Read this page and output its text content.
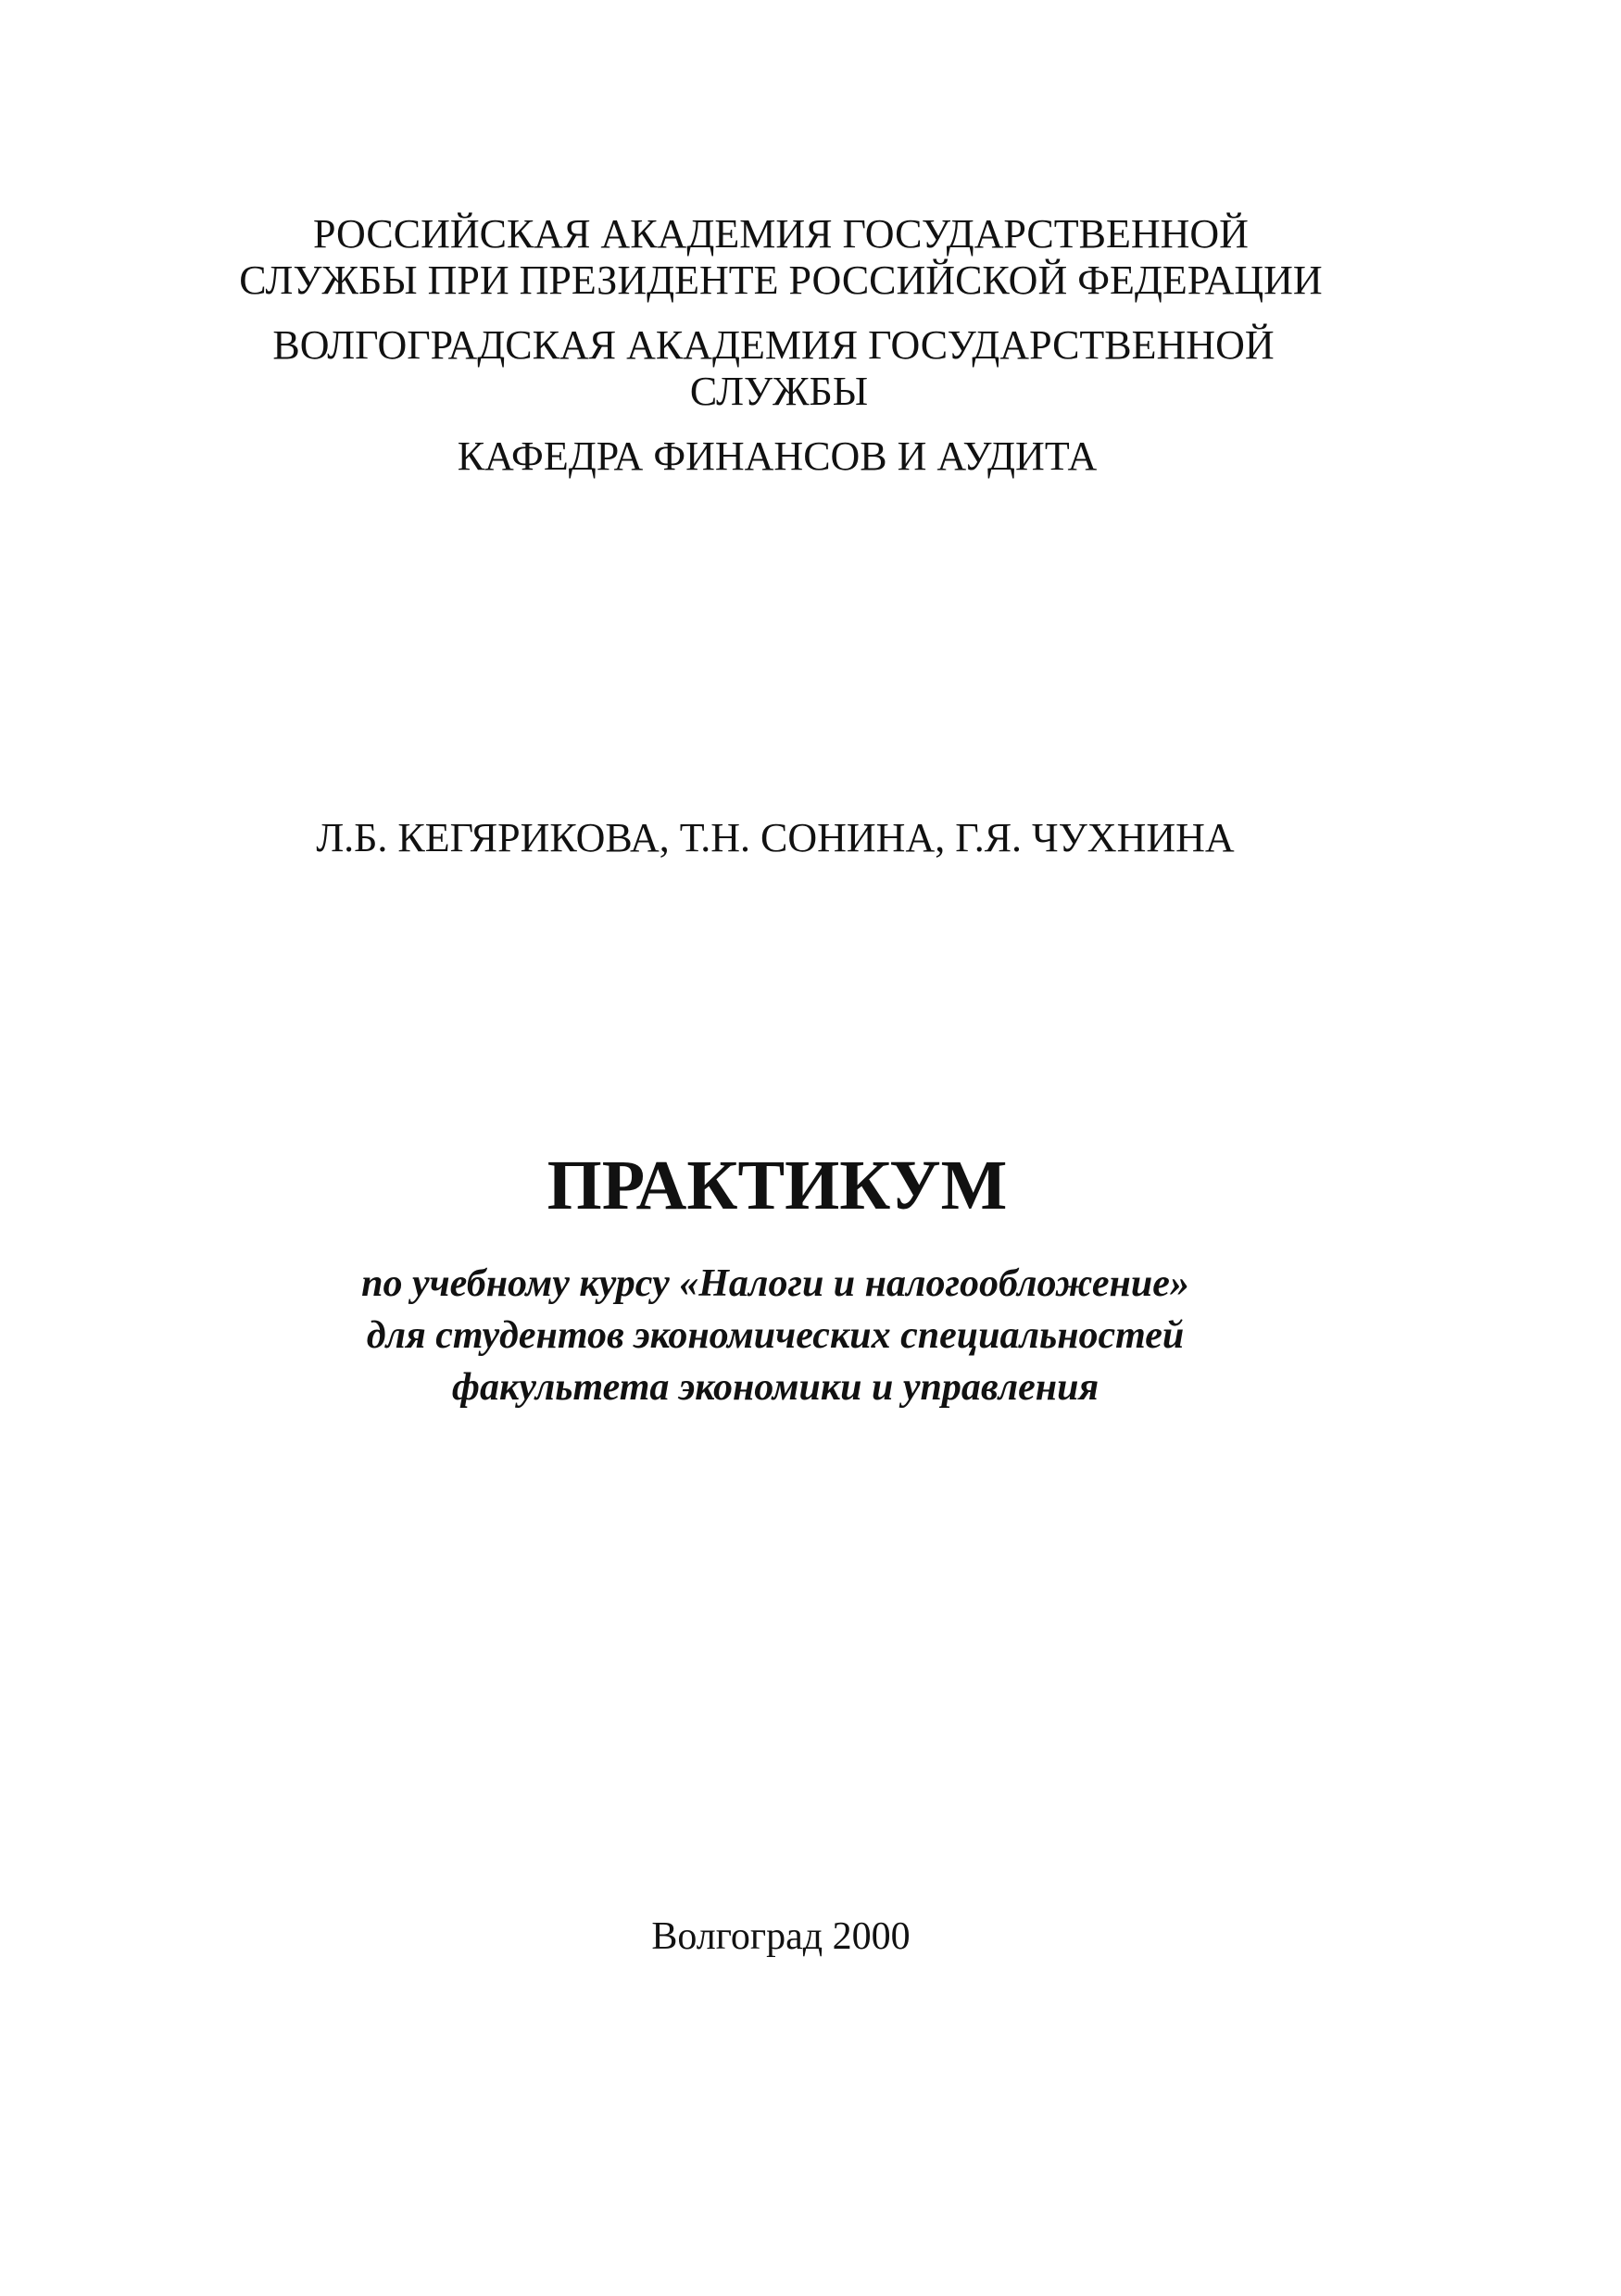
РОССИЙСКАЯ АКАДЕМИЯ ГОСУДАРСТВЕННОЙ
СЛУЖБЫ ПРИ ПРЕЗИДЕНТЕ РОССИЙСКОЙ ФЕДЕРАЦИИ
ВОЛГОГРАДСКАЯ АКАДЕМИЯ ГОСУДАРСТВЕННОЙ
СЛУЖБЫ
КАФЕДРА ФИНАНСОВ И АУДИТА
Л.Б. КЕГЯРИКОВА, Т.Н. СОНИНА, Г.Я. ЧУХНИНА
ПРАКТИКУМ
по учебному курсу «Налоги и налогообложение»
для студентов экономических специальностей
факультета экономики и управления
Волгоград 2000
